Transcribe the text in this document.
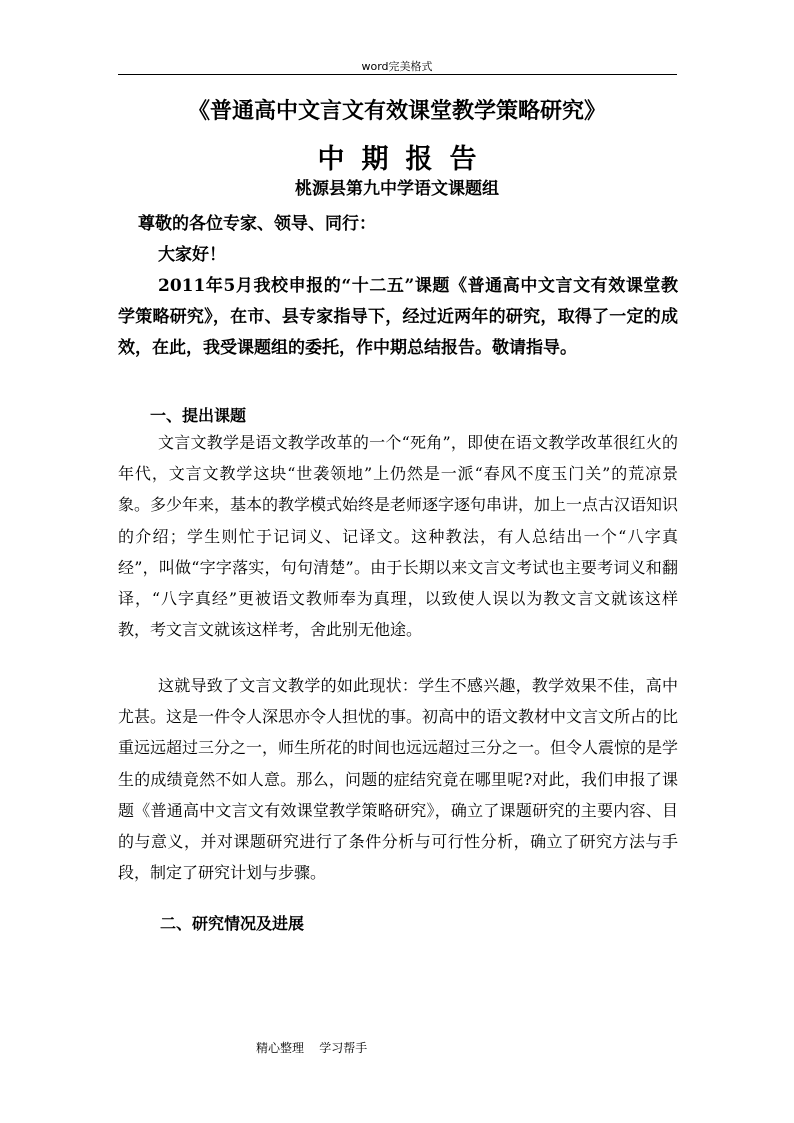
word完美格式
《普通高中文言文有效课堂教学策略研究》
中期报告
桃源县第九中学语文课题组
尊敬的各位专家、领导、同行：
大家好！

2011年5月我校申报的“十二五”课题《普通高中文言文有效课堂教学策略研究》，在市、县专家指导下，经过近两年的研究，取得了一定的成效，在此，我受课题组的委托，作中期总结报告。敬请指导。

一、提出课题

文言文教学是语文教学改革的一个“死角”，即使在语文教学改革很红火的年代，文言文教学这块“世袭领地”上仍然是一派“春风不度玉门关”的荒凉景象。多少年来，基本的教学模式始终是老师逐字逐句串讲，加上一点古汉语知识的介绍；学生则忙于记词义、记译文。这种教法，有人总结出一个“八字真经”，叫做“字字落实，句句清楚”。由于长期以来文言文考试也主要考词义和翻译，“八字真经”更被语文教师奉为真理，以致使人误以为教文言文就该这样教，考文言文就该这样考，舍此别无他途。

这就导致了文言文教学的如此现状：学生不感兴趣，教学效果不佳，高中尤甚。这是一件令人深思亦令人担忧的事。初高中的语文教材中文言文所占的比重远远超过三分之一，师生所花的时间也远远超过三分之一。但令人震惊的是学生的成绩竟然不如人意。那么，问题的症结究竟在哪里呢?对此，我们申报了课题《普通高中文言文有效课堂教学策略研究》，确立了课题研究的主要内容、目的与意义，并对课题研究进行了条件分析与可行性分析，确立了研究方法与手段，制定了研究计划与步骤。

二、研究情况及进展
精心整理 学习帮手
